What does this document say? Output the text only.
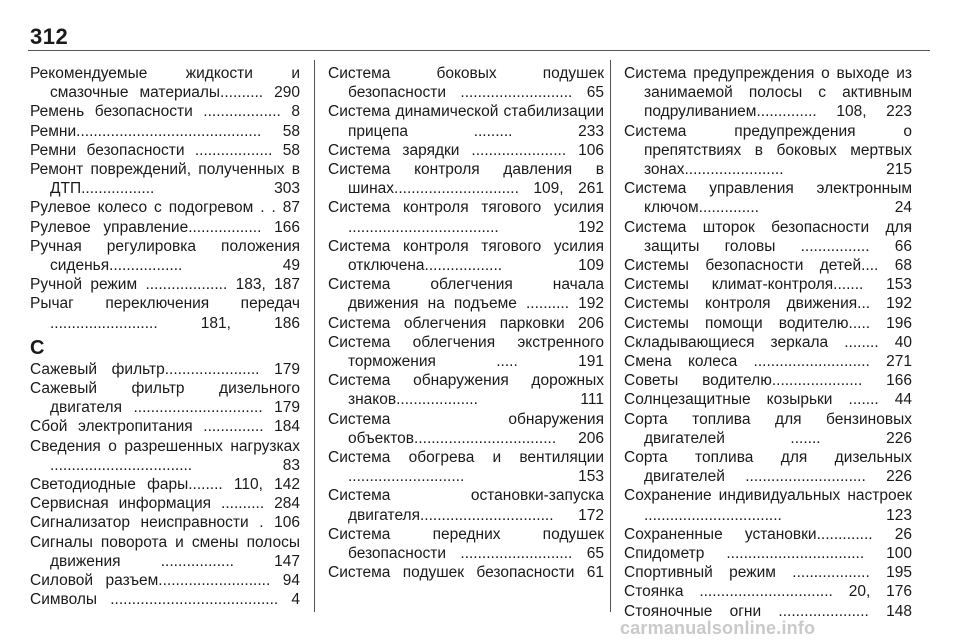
312
Рекомендуемые жидкости и смазочные материалы.......... 290
Ремень безопасности .................. 8
Ремни........................................... 58
Ремни безопасности .................. 58
Ремонт повреждений, полученных в ДТП................. 303
Рулевое колесо с подогревом . . 87
Рулевое управление................. 166
Ручная регулировка положения сиденья................. 49
Ручной режим ................... 183, 187
Рычаг переключения передач ......................... 181, 186
С
Сажевый фильтр...................... 179
Сажевый фильтр дизельного двигателя .............................. 179
Сбой электропитания .............. 184
Сведения о разрешенных нагрузках ................................. 83
Светодиодные фары........ 110, 142
Сервисная информация .......... 284
Сигнализатор неисправности . 106
Сигналы поворота и смены полосы движения ................. 147
Силовой разъем.......................... 94
Символы ....................................... 4
Система боковых подушек безопасности .......................... 65
Система динамической стабилизации прицепа ......... 233
Система зарядки ...................... 106
Система контроля давления в шинах............................. 109, 261
Система контроля тягового усилия ................................... 192
Система контроля тягового усилия отключена.................. 109
Система облегчения начала движения на подъеме .......... 192
Система облегчения парковки 206
Система облегчения экстренного торможения ..... 191
Система обнаружения дорожных знаков................... 111
Система обнаружения объектов................................. 206
Система обогрева и вентиляции ........................... 153
Система остановки-запуска двигателя............................... 172
Система передних подушек безопасности .......................... 65
Система подушек безопасности 61
Система предупреждения о выходе из занимаемой полосы с активным подруливанием.............. 108, 223
Система предупреждения о препятствиях в боковых мертвых зонах....................... 215
Система управления электронным ключом.............. 24
Система шторок безопасности для защиты головы ................ 66
Системы безопасности детей.... 68
Системы климат-контроля....... 153
Системы контроля движения... 192
Системы помощи водителю..... 196
Складывающиеся зеркала ........ 40
Смена колеса ........................... 271
Советы водителю..................... 166
Солнцезащитные козырьки ....... 44
Сорта топлива для бензиновых двигателей ....... 226
Сорта топлива для дизельных двигателей ............................ 226
Сохранение индивидуальных настроек ................................ 123
Сохраненные установки............. 26
Спидометр ................................ 100
Спортивный режим .................. 195
Стоянка ............................... 20, 176
Стояночные огни ..................... 148
carmanualsonline.info
